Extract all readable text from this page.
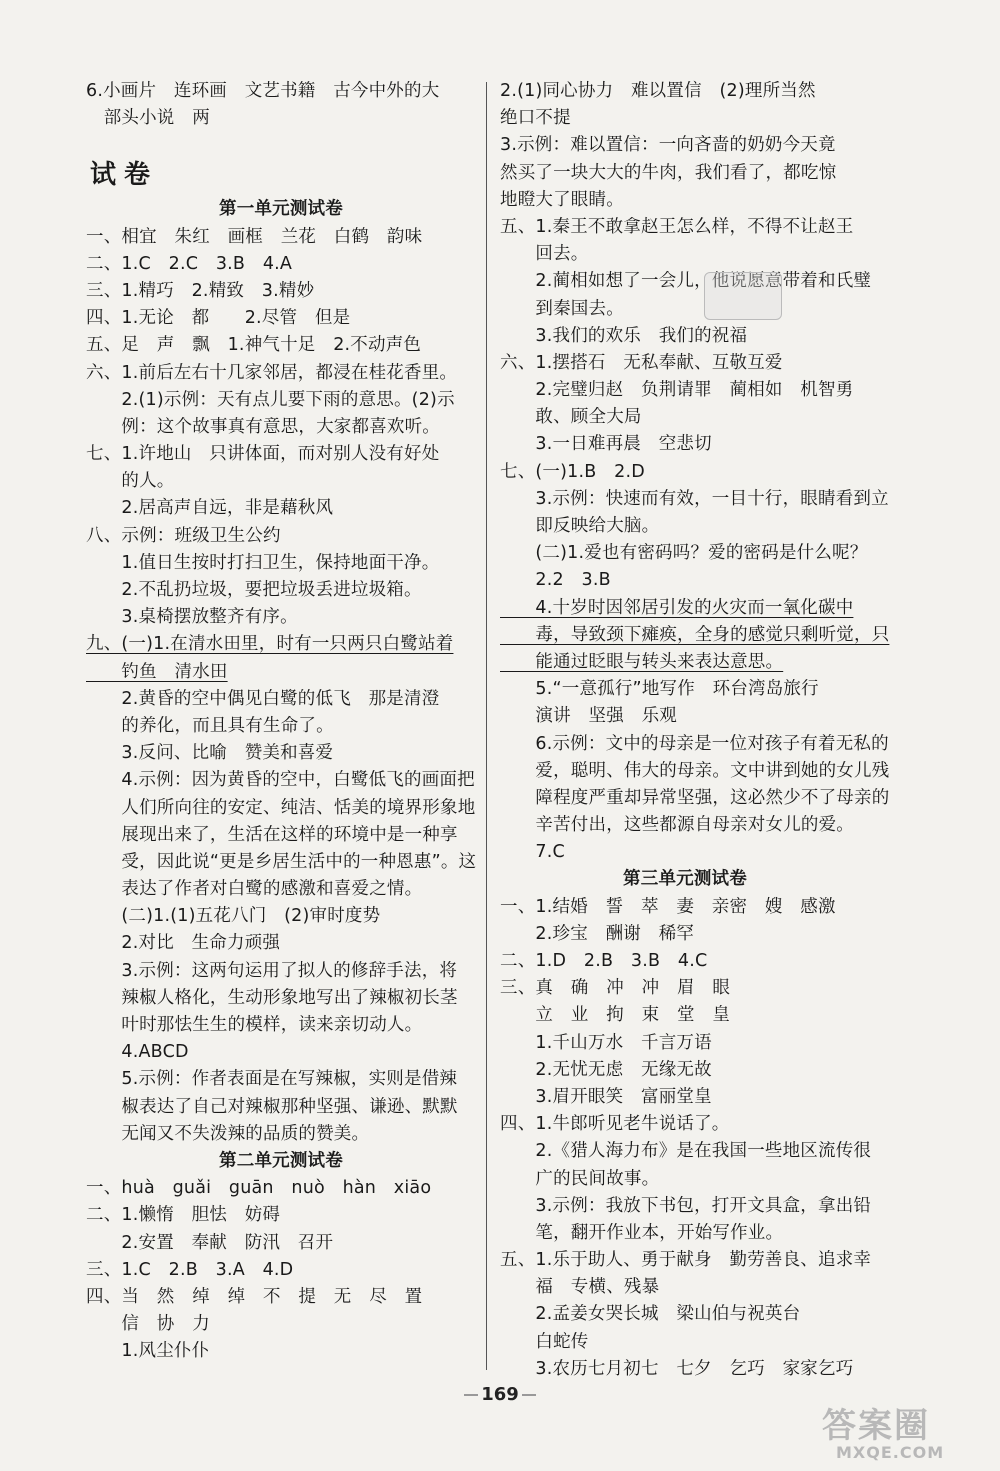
6.小画片　连环画　文艺书籍　古今中外的大
　部头小说　两
试卷
第一单元测试卷
一、相宜　朱红　画框　兰花　白鹤　韵味
二、1.C　2.C　3.B　4.A
三、1.精巧　2.精致　3.精妙
四、1.无论　都　　2.尽管　但是
五、足　声　飘　1.神气十足　2.不动声色
六、1.前后左右十几家邻居，都浸在桂花香里。
　　2.(1)示例：天有点儿要下雨的意思。(2)示
　　例：这个故事真有意思，大家都喜欢听。
七、1.许地山　只讲体面，而对别人没有好处
　　的人。
　　2.居高声自远，非是藉秋风
八、示例：班级卫生公约
　　1.值日生按时打扫卫生，保持地面干净。
　　2.不乱扔垃圾，要把垃圾丢进垃圾箱。
　　3.桌椅摆放整齐有序。
九、(一)1.在清水田里，时有一只两只白鹭站着
　　钓鱼　清水田
　　2.黄昏的空中偶见白鹭的低飞　那是清澄
　　的养化，而且具有生命了。
　　3.反问、比喻　赞美和喜爱
　　4.示例：因为黄昏的空中，白鹭低飞的画面把
　　人们所向往的安定、纯洁、恬美的境界形象地
　　展现出来了，生活在这样的环境中是一种享
　　受，因此说“更是乡居生活中的一种恩惠”。这
　　表达了作者对白鹭的感激和喜爱之情。
　　(二)1.(1)五花八门　(2)审时度势
　　2.对比　生命力顽强
　　3.示例：这两句运用了拟人的修辞手法，将
　　辣椒人格化，生动形象地写出了辣椒初长茎
　　叶时那怯生生的模样，读来亲切动人。
　　4.ABCD
　　5.示例：作者表面是在写辣椒，实则是借辣
　　椒表达了自己对辣椒那种坚强、谦逊、默默
　　无闻又不失泼辣的品质的赞美。
第二单元测试卷
一、huà　guǎi　guān　nuò　hàn　xiāo
二、1.懒惰　胆怯　妨碍
　　2.安置　奉献　防汛　召开
三、1.C　2.B　3.A　4.D
四、当　然　绰　绰　不　提　无　尽　置
　　信　协　力
　　1.风尘仆仆
2.(1)同心协力　难以置信　(2)理所当然
绝口不提
3.示例：难以置信：一向吝啬的奶奶今天竟
然买了一块大大的牛肉，我们看了，都吃惊
地瞪大了眼睛。
五、1.秦王不敢拿赵王怎么样，不得不让赵王
　　回去。
　　2.蔺相如想了一会儿，他说愿意带着和氏璧
　　到秦国去。
　　3.我们的欢乐　我们的祝福
六、1.摆搭石　无私奉献、互敬互爱
　　2.完璧归赵　负荆请罪　蔺相如　机智勇
　　敢、顾全大局
　　3.一日难再晨　空悲切
七、(一)1.B　2.D
　　3.示例：快速而有效，一目十行，眼睛看到立
　　即反映给大脑。
　　(二)1.爱也有密码吗？爱的密码是什么呢？
　　2.2　3.B
　　4.十岁时因邻居引发的火灾而一氧化碳中
　　毒，导致颈下瘫痪，全身的感觉只剩听觉，只
　　能通过眨眼与转头来表达意思。
　　5.“一意孤行”地写作　环台湾岛旅行
　　演讲　坚强　乐观
　　6.示例：文中的母亲是一位对孩子有着无私的
　　爱，聪明、伟大的母亲。文中讲到她的女儿残
　　障程度严重却异常坚强，这必然少不了母亲的
　　辛苦付出，这些都源自母亲对女儿的爱。
　　7.C
第三单元测试卷
一、1.结婚　誓　萃　妻　亲密　嫂　感激
　　2.珍宝　酬谢　稀罕
二、1.D　2.B　3.B　4.C
三、真　确　冲　冲　眉　眼
　　立　业　拘　束　堂　皇
　　1.千山万水　千言万语
　　2.无忧无虑　无缘无故
　　3.眉开眼笑　富丽堂皇
四、1.牛郎听见老牛说话了。
　　2.《猎人海力布》是在我国一些地区流传很
　　广的民间故事。
　　3.示例：我放下书包，打开文具盒，拿出铅
　　笔，翻开作业本，开始写作业。
五、1.乐于助人、勇于献身　勤劳善良、追求幸
　　福　专横、残暴
　　2.孟姜女哭长城　梁山伯与祝英台
　　白蛇传
　　3.农历七月初七　七夕　乞巧　家家乞巧
169
答案圈
MXQE.COM
